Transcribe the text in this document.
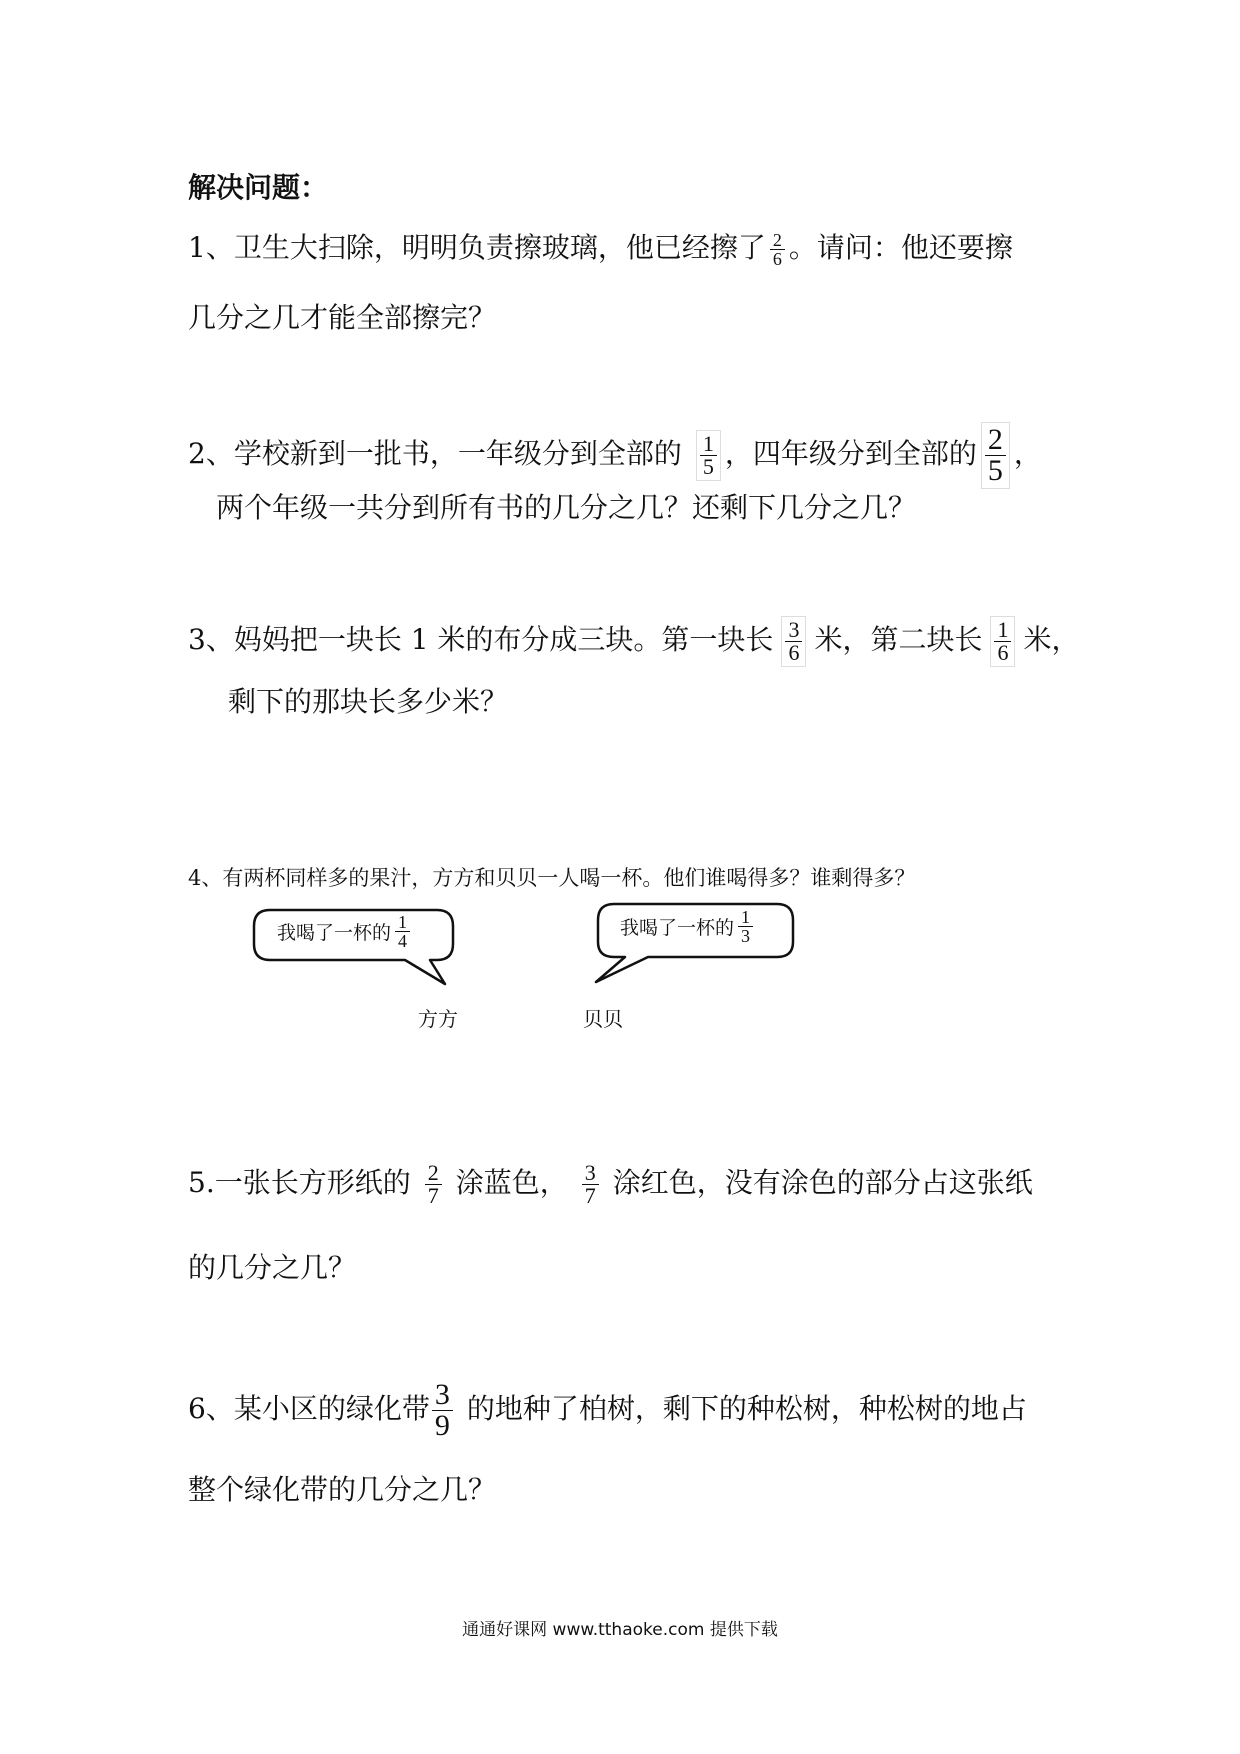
解决问题：
1、卫生大扫除，明明负责擦玻璃，他已经擦了 $\frac{2}{6}$ 。请问：他还要擦
几分之几才能全部擦完？
2、学校新到一批书，一年级分到全部的 $\frac{1}{5}$ ，四年级分到全部的 $\frac{2}{5}$ ，
两个年级一共分到所有书的几分之几？还剩下几分之几？
3、妈妈把一块长 1 米的布分成三块。第一块长 $\frac{3}{6}$ 米，第二块长 $\frac{1}{6}$ 米，
剩下的那块长多少米？
4、有两杯同样多的果汁，方方和贝贝一人喝一杯。他们谁喝得多？谁剩得多？
我喝了一杯的 $\frac{1}{4}$	我喝了一杯的 $\frac{1}{3}$
方方	贝贝
5.一张长方形纸的 $\frac{2}{7}$ 涂蓝色， $\frac{3}{7}$ 涂红色，没有涂色的部分占这张纸
的几分之几？
6、某小区的绿化带 $\frac{3}{9}$ 的地种了柏树，剩下的种松树，种松树的地占
整个绿化带的几分之几？
通通好课网 www.tthaoke.com 提供下载
